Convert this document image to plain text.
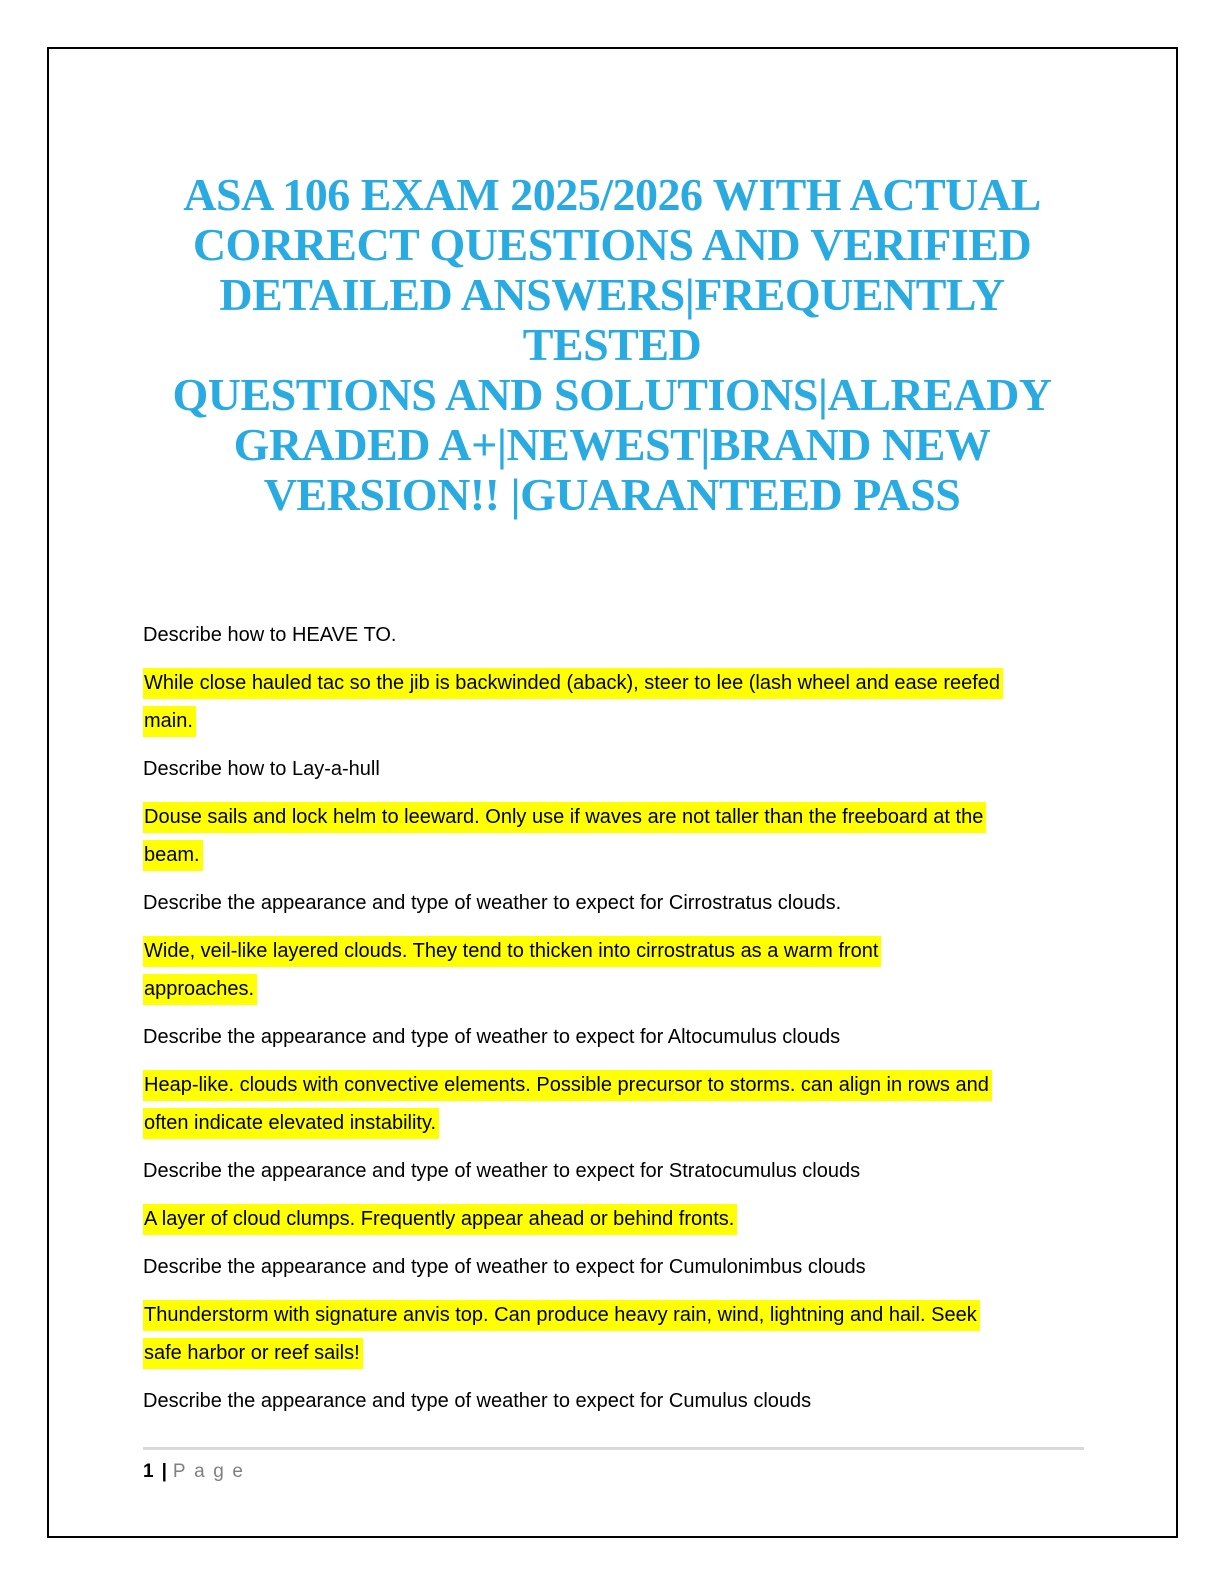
ASA 106 EXAM 2025/2026 WITH ACTUAL
CORRECT QUESTIONS AND VERIFIED
DETAILED ANSWERS|FREQUENTLY TESTED
QUESTIONS AND SOLUTIONS|ALREADY
GRADED A+|NEWEST|BRAND NEW
VERSION!! |GUARANTEED PASS
Describe how to HEAVE TO.
While close hauled tac so the jib is backwinded (aback), steer to lee (lash wheel and ease reefed
main.
Describe how to Lay-a-hull
Douse sails and lock helm to leeward. Only use if waves are not taller than the freeboard at the
beam.
Describe the appearance and type of weather to expect for Cirrostratus clouds.
Wide, veil-like layered clouds. They tend to thicken into cirrostratus as a warm front
approaches.
Describe the appearance and type of weather to expect for Altocumulus clouds
Heap-like. clouds with convective elements. Possible precursor to storms. can align in rows and
often indicate elevated instability.
Describe the appearance and type of weather to expect for Stratocumulus clouds
A layer of cloud clumps. Frequently appear ahead or behind fronts.
Describe the appearance and type of weather to expect for Cumulonimbus clouds
Thunderstorm with signature anvis top. Can produce heavy rain, wind, lightning and hail. Seek
safe harbor or reef sails!
Describe the appearance and type of weather to expect for Cumulus clouds
1 | Page
